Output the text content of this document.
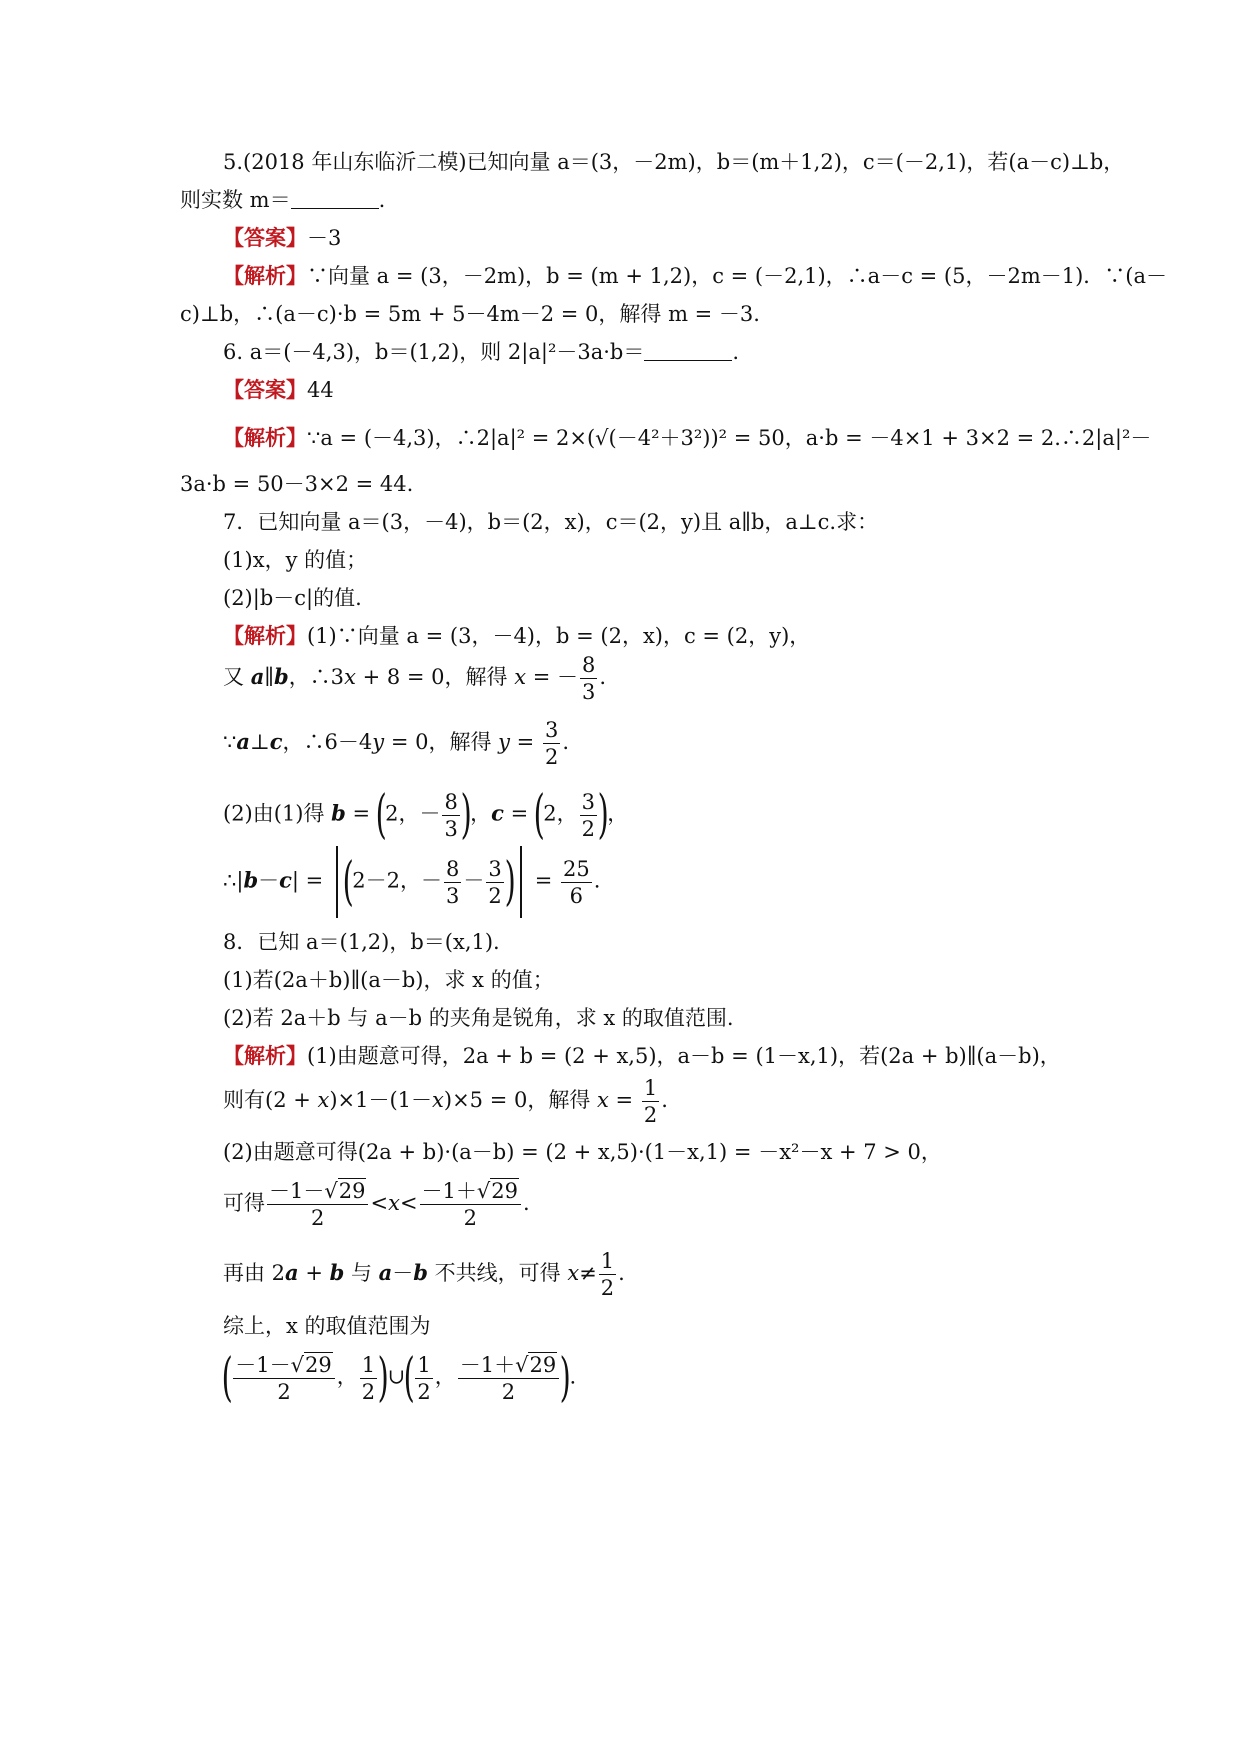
5.(2018 年山东临沂二模)已知向量 a＝(3，－2m)，b＝(m＋1,2)，c＝(－2,1)，若(a－c)⊥b，
则实数 m＝	.
【答案】－3
【解析】∵向量 a = (3，－2m)，b = (m + 1,2)，c = (－2,1)，∴a－c = (5，－2m－1)．∵(a－
c)⊥b，∴(a－c)·b = 5m + 5－4m－2 = 0，解得 m = －3.
6. a＝(－4,3)，b＝(1,2)，则 2|a|²－3a·b＝	.
【答案】44
【解析】∵a = (－4,3)，∴2|a|² = 2×(√(－4²＋3²))² = 50，a·b = －4×1 + 3×2 = 2.∴2|a|²－
3a·b = 50－3×2 = 44.
7．已知向量 a＝(3，－4)，b＝(2，x)，c＝(2，y)且 a∥b，a⊥c.求：
(1)x，y 的值；
(2)|b－c|的值.
【解析】(1)∵向量 a = (3，－4)，b = (2，x)，c = (2，y)，
又 a∥b，∴3x + 8 = 0，解得 x = － $\frac{8}{3}$ .
∵a⊥c，∴6－4y = 0，解得 $y = \frac{3}{2}$ .
(2)由(1)得 b = (2，－ $\frac{8}{3}$ )，c = (2， $\frac{3}{2}$ )，
∴|b－c| = (2－2，－ $\frac{8}{3} - \frac{3}{2}$ ) = $\frac{25}{6}$ .
8．已知 a＝(1,2)，b＝(x,1).
(1)若(2a＋b)∥(a－b)，求 x 的值；
(2)若 2a＋b 与 a－b 的夹角是锐角，求 x 的取值范围.
【解析】(1)由题意可得，2a + b = (2 + x,5)，a－b = (1－x,1)，若(2a + b)∥(a－b)，
则有(2 + x)×1－(1－x)×5 = 0，解得 $x = \frac{1}{2}$ .
(2)由题意可得(2a + b)·(a－b) = (2 + x,5)·(1－x,1) = －x²－x + 7 > 0，
可得 $\frac{-1-√29}{2} <x< \frac{-1+√29}{2}$ .
再由 2a + b 与 a－b 不共线，可得 $x\ne \frac{1}{2}$ .
综上，x 的取值范围为
( $\frac{-1-√29}{2}$ ， $\frac{1}{2}$ )∪( $\frac{1}{2}$ ， $\frac{-1+√29}{2}$ ).
